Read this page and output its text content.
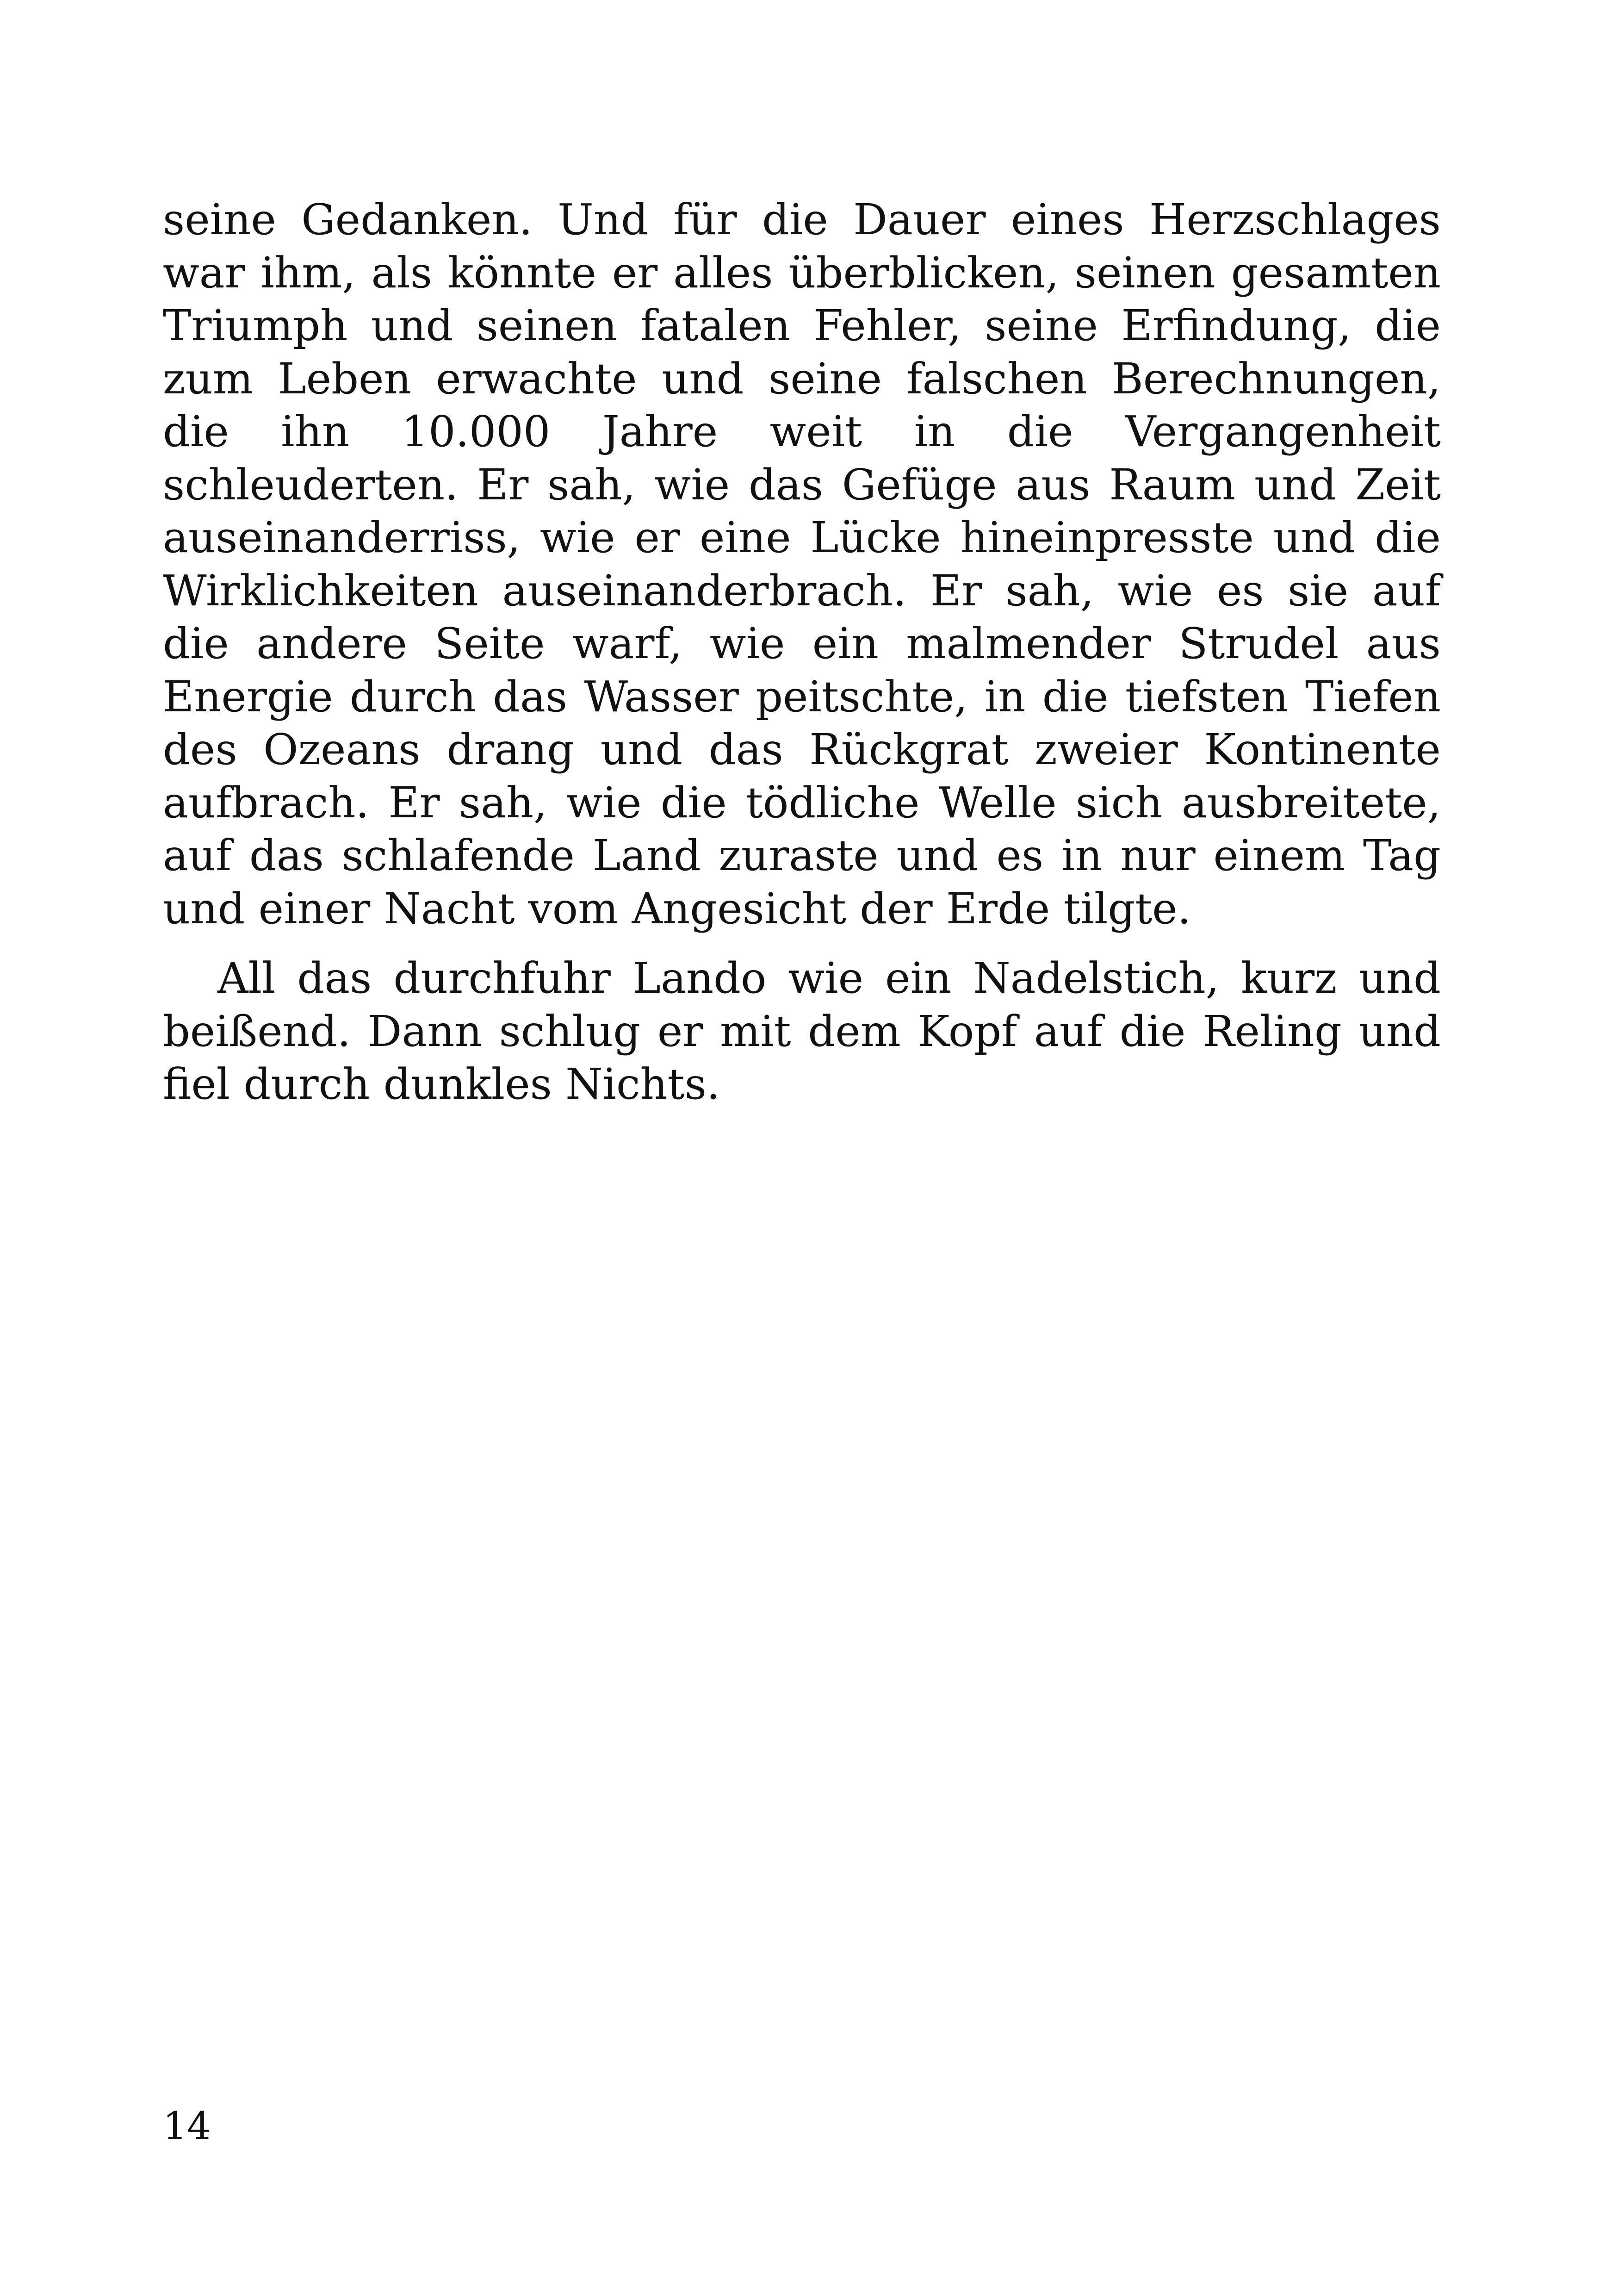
seine Gedanken. Und für die Dauer eines Herzschlages war ihm, als könnte er alles überblicken, seinen gesamten Triumph und seinen fatalen Fehler, seine Erfindung, die zum Leben erwachte und seine falschen Berechnungen, die ihn 10.000 Jahre weit in die Vergangenheit schleuderten. Er sah, wie das Gefüge aus Raum und Zeit auseinanderriss, wie er eine Lücke hineinpresste und die Wirklichkeiten auseinanderbrach. Er sah, wie es sie auf die andere Seite warf, wie ein malmender Strudel aus Energie durch das Wasser peitschte, in die tiefsten Tiefen des Ozeans drang und das Rückgrat zweier Kontinente aufbrach. Er sah, wie die tödliche Welle sich ausbreitete, auf das schlafende Land zuraste und es in nur einem Tag und einer Nacht vom Angesicht der Erde tilgte.

All das durchfuhr Lando wie ein Nadelstich, kurz und beißend. Dann schlug er mit dem Kopf auf die Reling und fiel durch dunkles Nichts.

14
